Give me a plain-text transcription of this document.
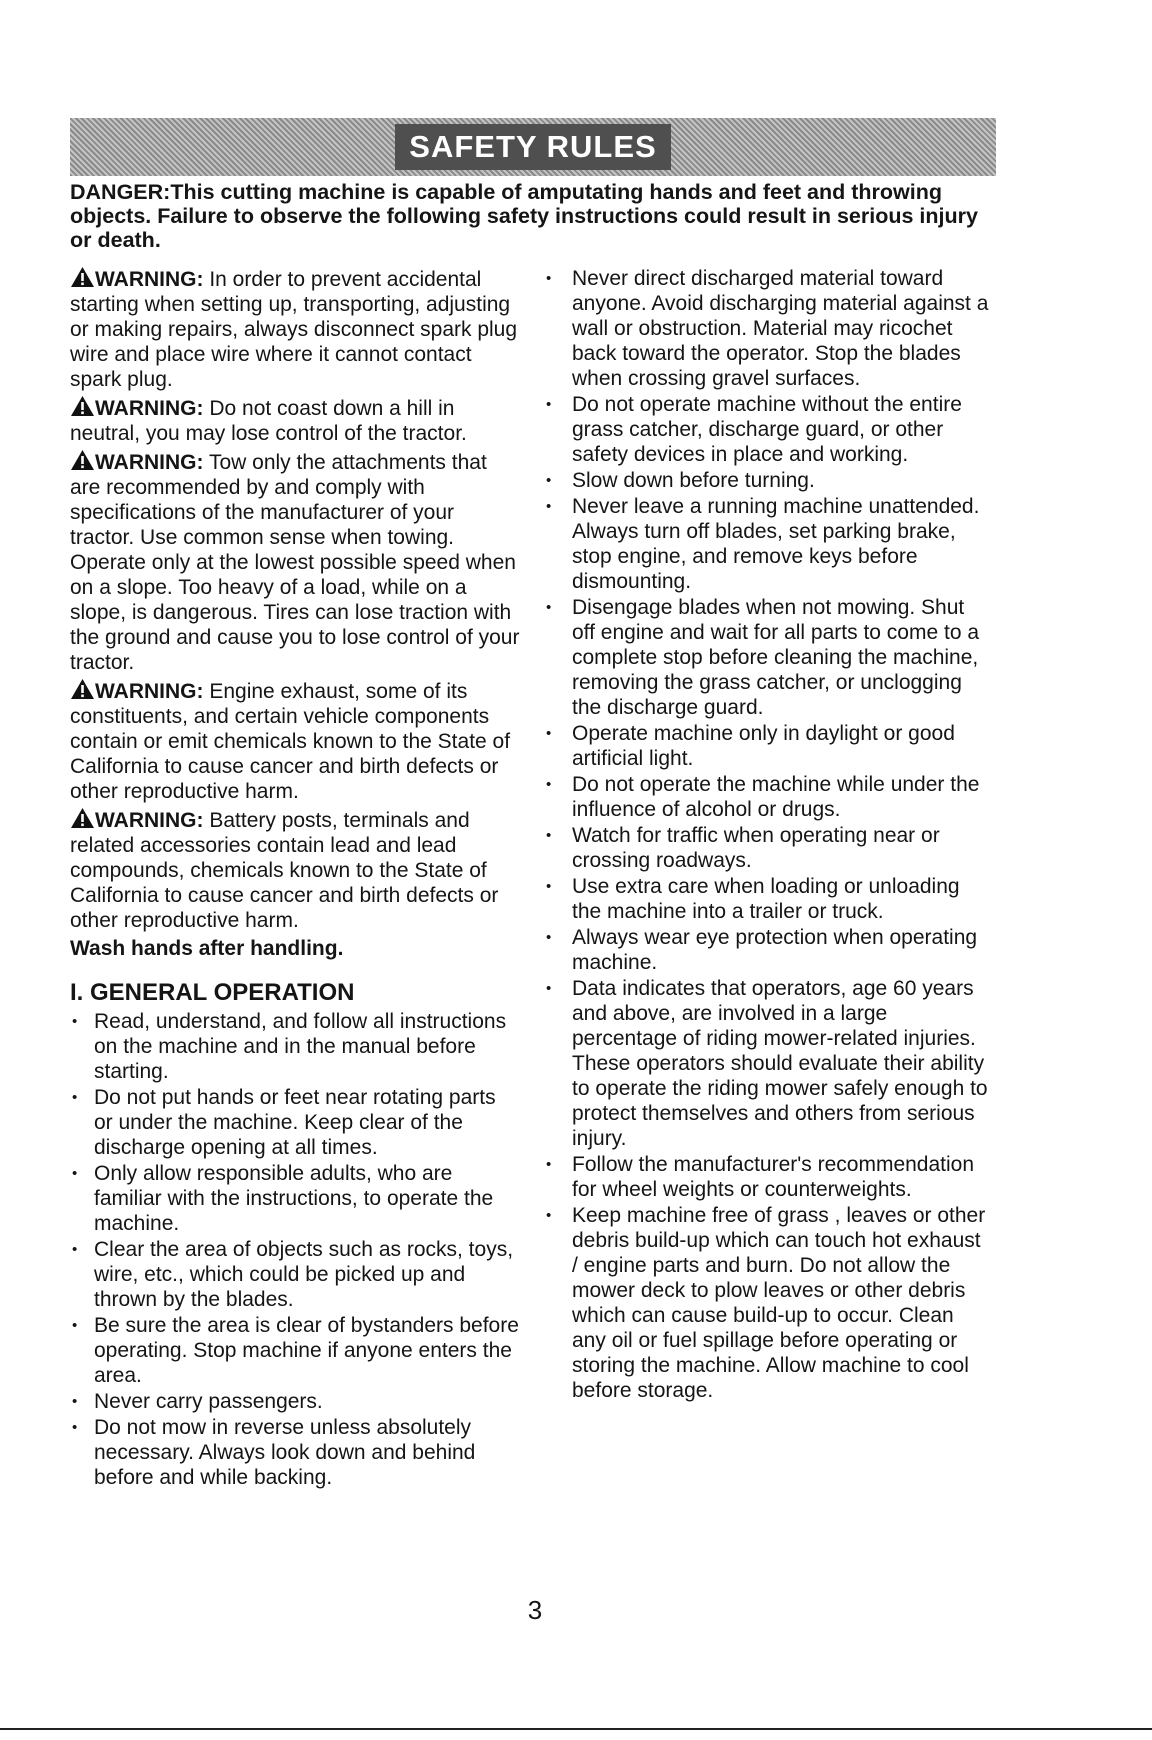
SAFETY RULES
DANGER:This cutting machine is capable of amputating hands and feet and throwing objects. Failure to observe the following safety instructions could result in serious injury or death.
WARNING: In order to prevent accidental starting when setting up, transporting, adjusting or making repairs, always disconnect spark plug wire and place wire where it cannot contact spark plug.
WARNING: Do not coast down a hill in neutral, you may lose control of the tractor.
WARNING: Tow only the attachments that are recommended by and comply with specifications of the manufacturer of your tractor. Use common sense when towing. Operate only at the lowest possible speed when on a slope. Too heavy of a load, while on a slope, is dangerous. Tires can lose traction with the ground and cause you to lose control of your tractor.
WARNING: Engine exhaust, some of its constituents, and certain vehicle components contain or emit chemicals known to the State of California to cause cancer and birth defects or other reproductive harm.
WARNING: Battery posts, terminals and related accessories contain lead and lead compounds, chemicals known to the State of California to cause cancer and birth defects or other reproductive harm.
Wash hands after handling.
I. GENERAL OPERATION
• Read, understand, and follow all instructions on the machine and in the manual before starting.
• Do not put hands or feet near rotating parts or under the machine. Keep clear of the discharge opening at all times.
• Only allow responsible adults, who are familiar with the instructions, to operate the machine.
• Clear the area of objects such as rocks, toys, wire, etc., which could be picked up and thrown by the blades.
• Be sure the area is clear of bystanders before operating. Stop machine if anyone enters the area.
• Never carry passengers.
• Do not mow in reverse unless absolutely necessary. Always look down and behind before and while backing.
• Never direct discharged material toward anyone. Avoid discharging material against a wall or obstruction. Material may ricochet back toward the operator. Stop the blades when crossing gravel surfaces.
• Do not operate machine without the entire grass catcher, discharge guard, or other safety devices in place and working.
• Slow down before turning.
• Never leave a running machine unattended. Always turn off blades, set parking brake, stop engine, and remove keys before dismounting.
• Disengage blades when not mowing. Shut off engine and wait for all parts to come to a complete stop before cleaning the machine, removing the grass catcher, or unclogging the discharge guard.
• Operate machine only in daylight or good artificial light.
• Do not operate the machine while under the influence of alcohol or drugs.
• Watch for traffic when operating near or crossing roadways.
• Use extra care when loading or unloading the machine into a trailer or truck.
• Always wear eye protection when operating machine.
• Data indicates that operators, age 60 years and above, are involved in a large percentage of riding mower-related injuries. These operators should evaluate their ability to operate the riding mower safely enough to protect themselves and others from serious injury.
• Follow the manufacturer's recommendation for wheel weights or counterweights.
• Keep machine free of grass , leaves or other debris build-up which can touch hot exhaust / engine parts and burn. Do not allow the mower deck to plow leaves or other debris which can cause build-up to occur. Clean any oil or fuel spillage before operating or storing the machine. Allow machine to cool before storage.
3
